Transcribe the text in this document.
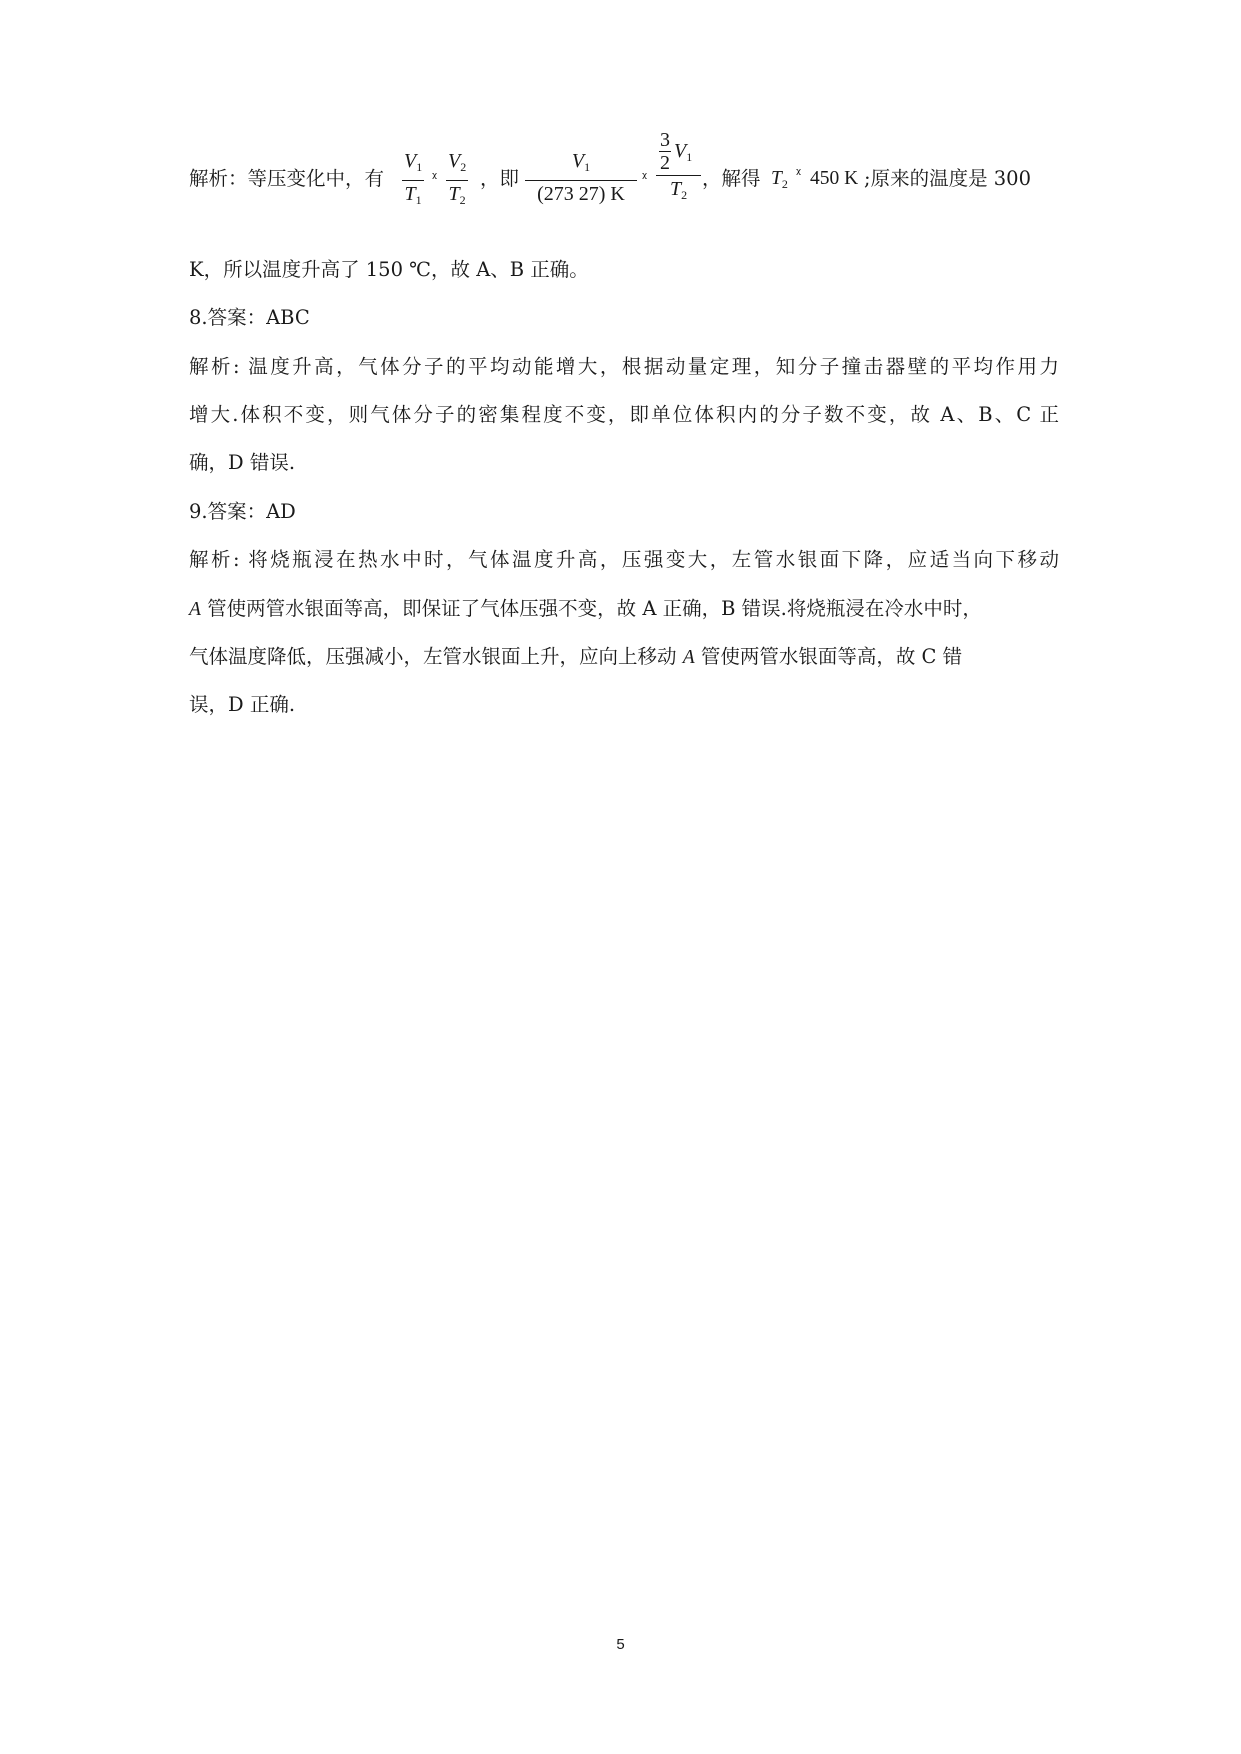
解析：等压变化中，有
$V_1$
$T_1$
ᵡ
$V_2$
$T_2$
，即
$V_1$
(273 27) K
ᵡ
3
2
$V_1$
$T_2$
，解得 $T_2$
ᵡ 450 K ;原来的温度是 300
K，所以温度升高了 150 ℃，故 A、B 正确。
8.答案：ABC
解析: 温度升高，气体分子的平均动能增大，根据动量定理，知分子撞击器壁的平均作用力
增大.体积不变，则气体分子的密集程度不变，即单位体积内的分子数不变，故 A、B、C 正
确，D 错误.
9.答案：AD
解析: 将烧瓶浸在热水中时，气体温度升高，压强变大，左管水银面下降，应适当向下移动
A 管使两管水银面等高，即保证了气体压强不变，故 A 正确，B 错误.将烧瓶浸在冷水中时，
气体温度降低，压强减小，左管水银面上升，应向上移动 A 管使两管水银面等高，故 C 错
误，D 正确.
5
